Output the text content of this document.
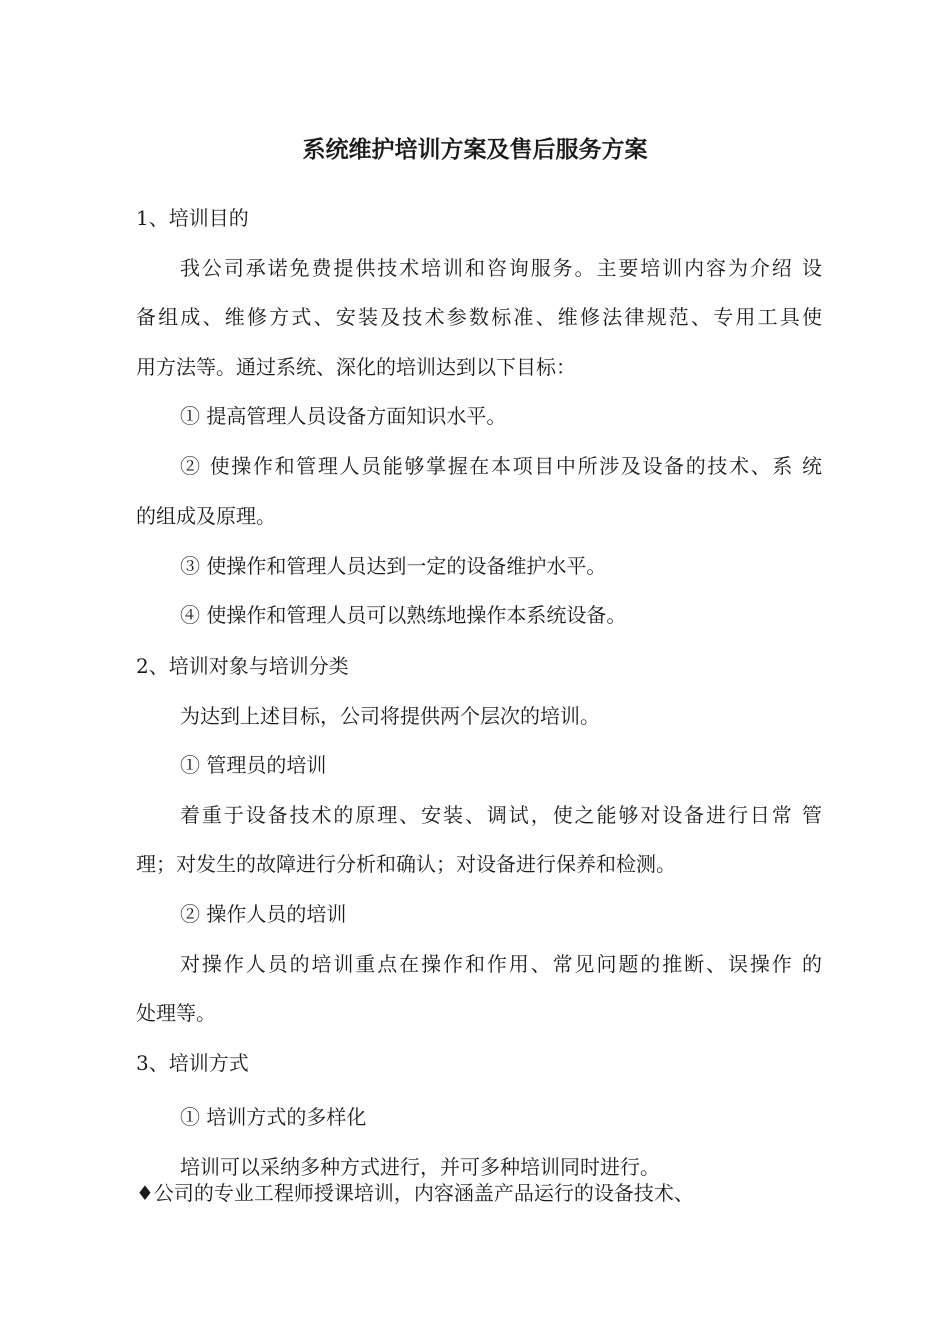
系统维护培训方案及售后服务方案

1、培训目的

我公司承诺免费提供技术培训和咨询服务。主要培训内容为介绍 设

备组成、维修方式、安装及技术参数标准、维修法律规范、专用工具使

用方法等。通过系统、深化的培训达到以下目标：

① 提高管理人员设备方面知识水平。

② 使操作和管理人员能够掌握在本项目中所涉及设备的技术、系 统

的组成及原理。

③ 使操作和管理人员达到一定的设备维护水平。

④ 使操作和管理人员可以熟练地操作本系统设备。

2、培训对象与培训分类

为达到上述目标，公司将提供两个层次的培训。

① 管理员的培训

着重于设备技术的原理、安装、调试，使之能够对设备进行日常 管

理；对发生的故障进行分析和确认；对设备进行保养和检测。

② 操作人员的培训

对操作人员的培训重点在操作和作用、常见问题的推断、误操作 的

处理等。

3、培训方式

① 培训方式的多样化

培训可以采纳多种方式进行，并可多种培训同时进行。

♦公司的专业工程师授课培训，内容涵盖产品运行的设备技术、
